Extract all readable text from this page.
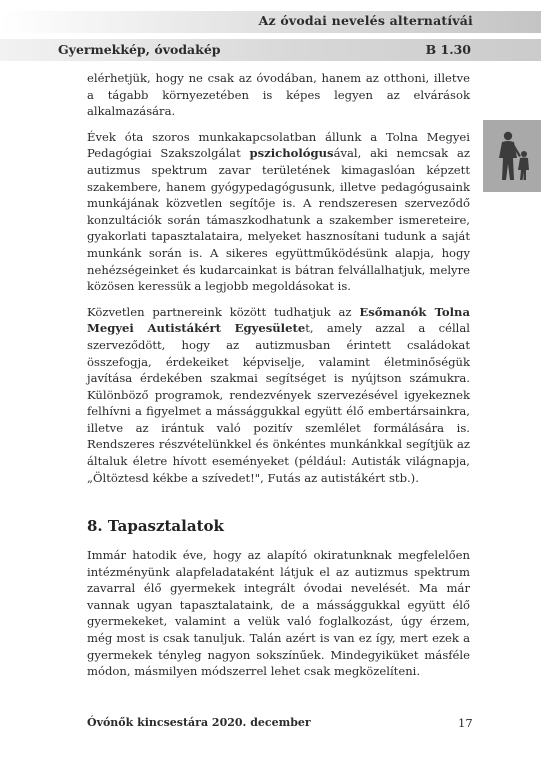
Az óvodai nevelés alternatívái
Gyermekkép, óvodakép	B 1.30

elérhetjük, hogy ne csak az óvodában, hanem az otthoni, illetve a tágabb környezetében is képes legyen az elvárások alkalmazására.

Évek óta szoros munkakapcsolatban állunk a Tolna Megyei Pedagógiai Szakszolgálat pszichológusával, aki nemcsak az autizmus spektrum zavar területének kimagaslóan képzett szakembere, hanem gyógypedagógusunk, illetve pedagógusaink munkájának közvetlen segítője is. A rendszeresen szerveződő konzultációk során támaszkodhatunk a szakember ismereteire, gyakorlati tapasztalataira, melyeket hasznosítani tudunk a saját munkánk során is. A sikeres együttműködésünk alapja, hogy nehézségeinket és kudarcainkat is bátran felvállalhatjuk, melyre közösen keressük a legjobb megoldásokat is.

Közvetlen partnereink között tudhatjuk az Esőmanók Tolna Megyei Autistákért Egyesületet, amely azzal a céllal szerveződött, hogy az autizmusban érintett családokat összefogja, érdekeiket képviselje, valamint életminőségük javítása érdekében szakmai segítséget is nyújtson számukra. Különböző programok, rendezvények szervezésével igyekeznek felhívni a figyelmet a mássággukkal együtt élő embertársainkra, illetve az irántuk való pozitív szemlélet formálására is. Rendszeres részvételünkkel és önkéntes munkánkkal segítjük az általuk életre hívott eseményeket (például: Autisták világnapja, „Öltöztesd kékbe a szívedet!", Futás az autistákért stb.).

8. Tapasztalatok

Immár hatodik éve, hogy az alapító okiratunknak megfelelően intézményünk alapfeladataként látjuk el az autizmus spektrum zavarral élő gyermekek integrált óvodai nevelését. Ma már vannak ugyan tapasztalataink, de a mássággukkal együtt élő gyermekeket, valamint a velük való foglalkozást, úgy érzem, még most is csak tanuljuk. Talán azért is van ez így, mert ezek a gyermekek tényleg nagyon sokszínűek. Mindegyiküket másféle módon, másmilyen módszerrel lehet csak megközelíteni.

Óvónők kincsestára 2020. december	17
